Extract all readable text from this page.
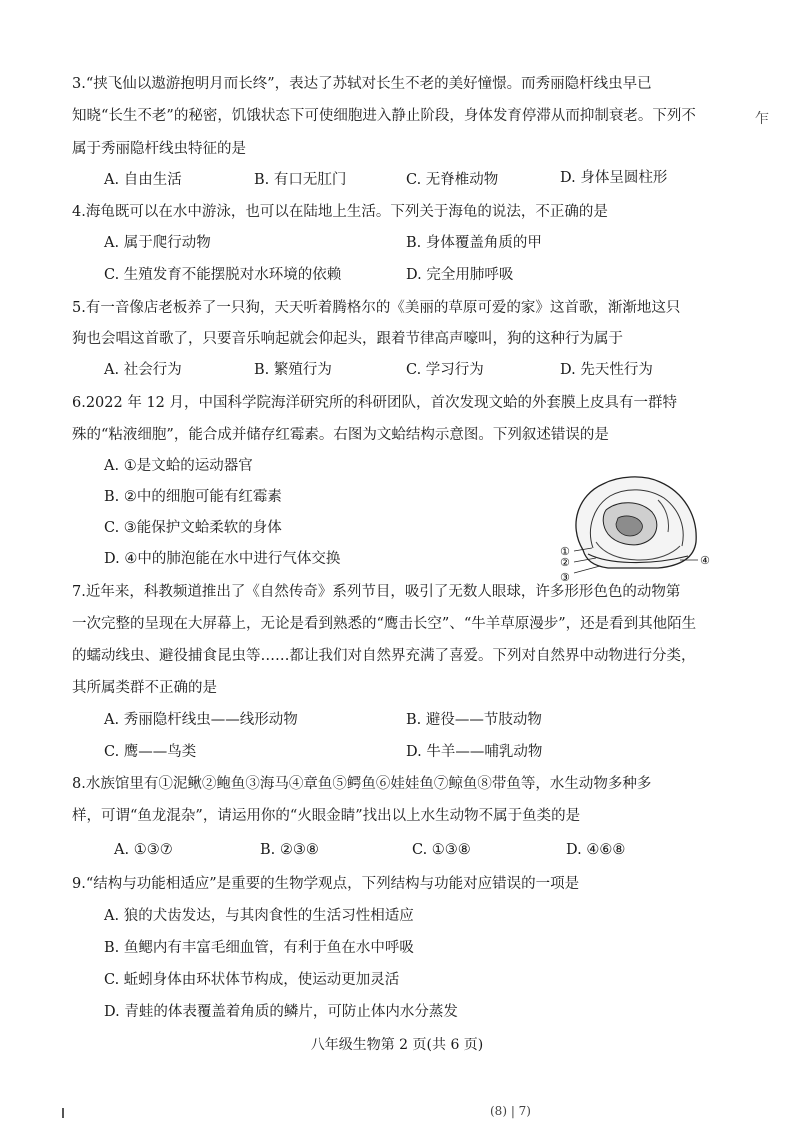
3.“挟飞仙以遨游抱明月而长终”，表达了苏轼对长生不老的美好憧憬。而秀丽隐杆线虫早已
知晓“长生不老”的秘密，饥饿状态下可使细胞进入静止阶段，身体发育停滞从而抑制衰老。下列不
属于秀丽隐杆线虫特征的是
乍
A. 自由生活	B. 有口无肛门	C. 无脊椎动物	D. 身体呈圆柱形
4.海龟既可以在水中游泳，也可以在陆地上生活。下列关于海龟的说法，不正确的是
A. 属于爬行动物	B. 身体覆盖角质的甲
C. 生殖发育不能摆脱对水环境的依赖	D. 完全用肺呼吸
5.有一音像店老板养了一只狗，天天听着腾格尔的《美丽的草原可爱的家》这首歌，渐渐地这只
狗也会唱这首歌了，只要音乐响起就会仰起头，跟着节律高声嚎叫，狗的这种行为属于
A. 社会行为	B. 繁殖行为	C. 学习行为	D. 先天性行为
6.2022 年 12 月，中国科学院海洋研究所的科研团队，首次发现文蛤的外套膜上皮具有一群特
殊的“粘液细胞”，能合成并储存红霉素。右图为文蛤结构示意图。下列叙述错误的是
A. ①是文蛤的运动器官
B. ②中的细胞可能有红霉素
C. ③能保护文蛤柔软的身体
D. ④中的肺泡能在水中进行气体交换	①
②
③
④
7.近年来，科教频道推出了《自然传奇》系列节目，吸引了无数人眼球，许多形形色色的动物第
一次完整的呈现在大屏幕上，无论是看到熟悉的“鹰击长空”、“牛羊草原漫步”，还是看到其他陌生
的蠕动线虫、避役捕食昆虫等……都让我们对自然界充满了喜爱。下列对自然界中动物进行分类，
其所属类群不正确的是
A. 秀丽隐杆线虫——线形动物	B. 避役——节肢动物
C. 鹰——鸟类	D. 牛羊——哺乳动物
8.水族馆里有①泥鳅②鲍鱼③海马④章鱼⑤鳄鱼⑥娃娃鱼⑦鲸鱼⑧带鱼等，水生动物多种多
样，可谓“鱼龙混杂”，请运用你的“火眼金睛”找出以上水生动物不属于鱼类的是
A. ①③⑦	B. ②③⑧	C. ①③⑧	D. ④⑥⑧
9.“结构与功能相适应”是重要的生物学观点，下列结构与功能对应错误的一项是
A. 狼的犬齿发达，与其肉食性的生活习性相适应
B. 鱼鳃内有丰富毛细血管，有利于鱼在水中呼吸
C. 蚯蚓身体由环状体节构成，使运动更加灵活
D. 青蛙的体表覆盖着角质的鳞片，可防止体内水分蒸发
八年级生物第 2 页(共 6 页)
(8) | 7)
